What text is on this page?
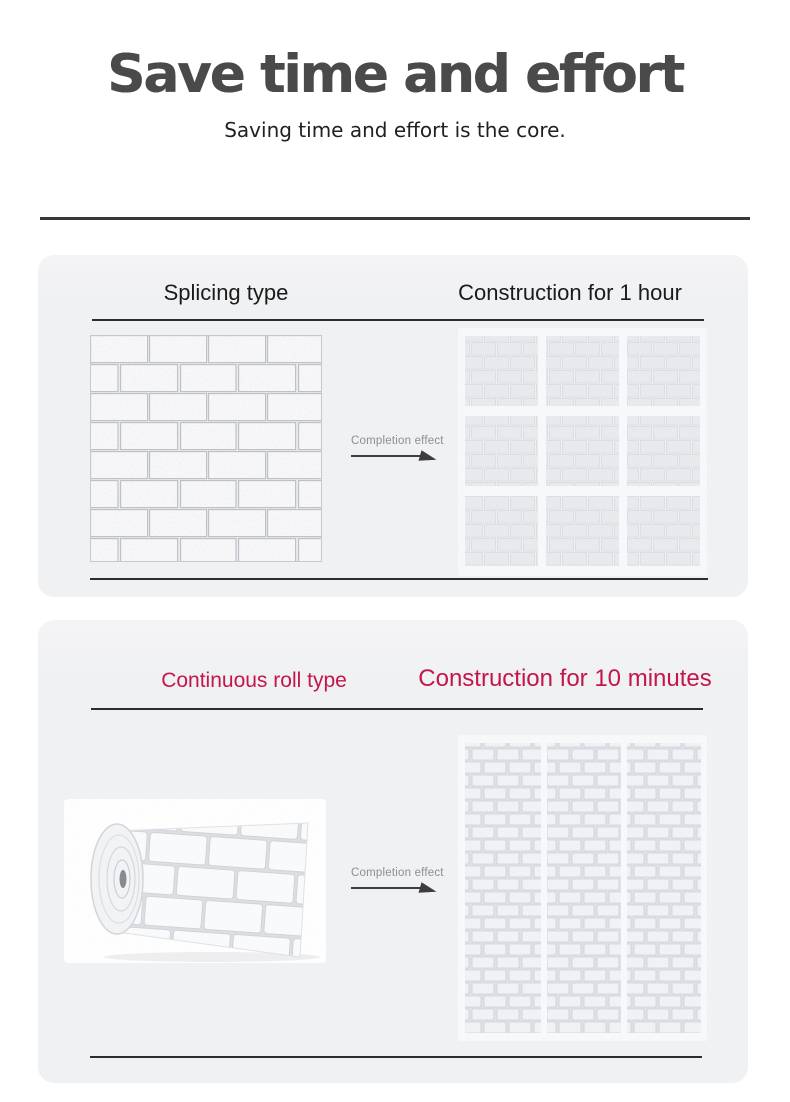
Save time and effort
Saving time and effort is the core.
Splicing type	Construction for 1 hour
Completion effect
Continuous roll type	Construction for 10 minutes
Completion effect
